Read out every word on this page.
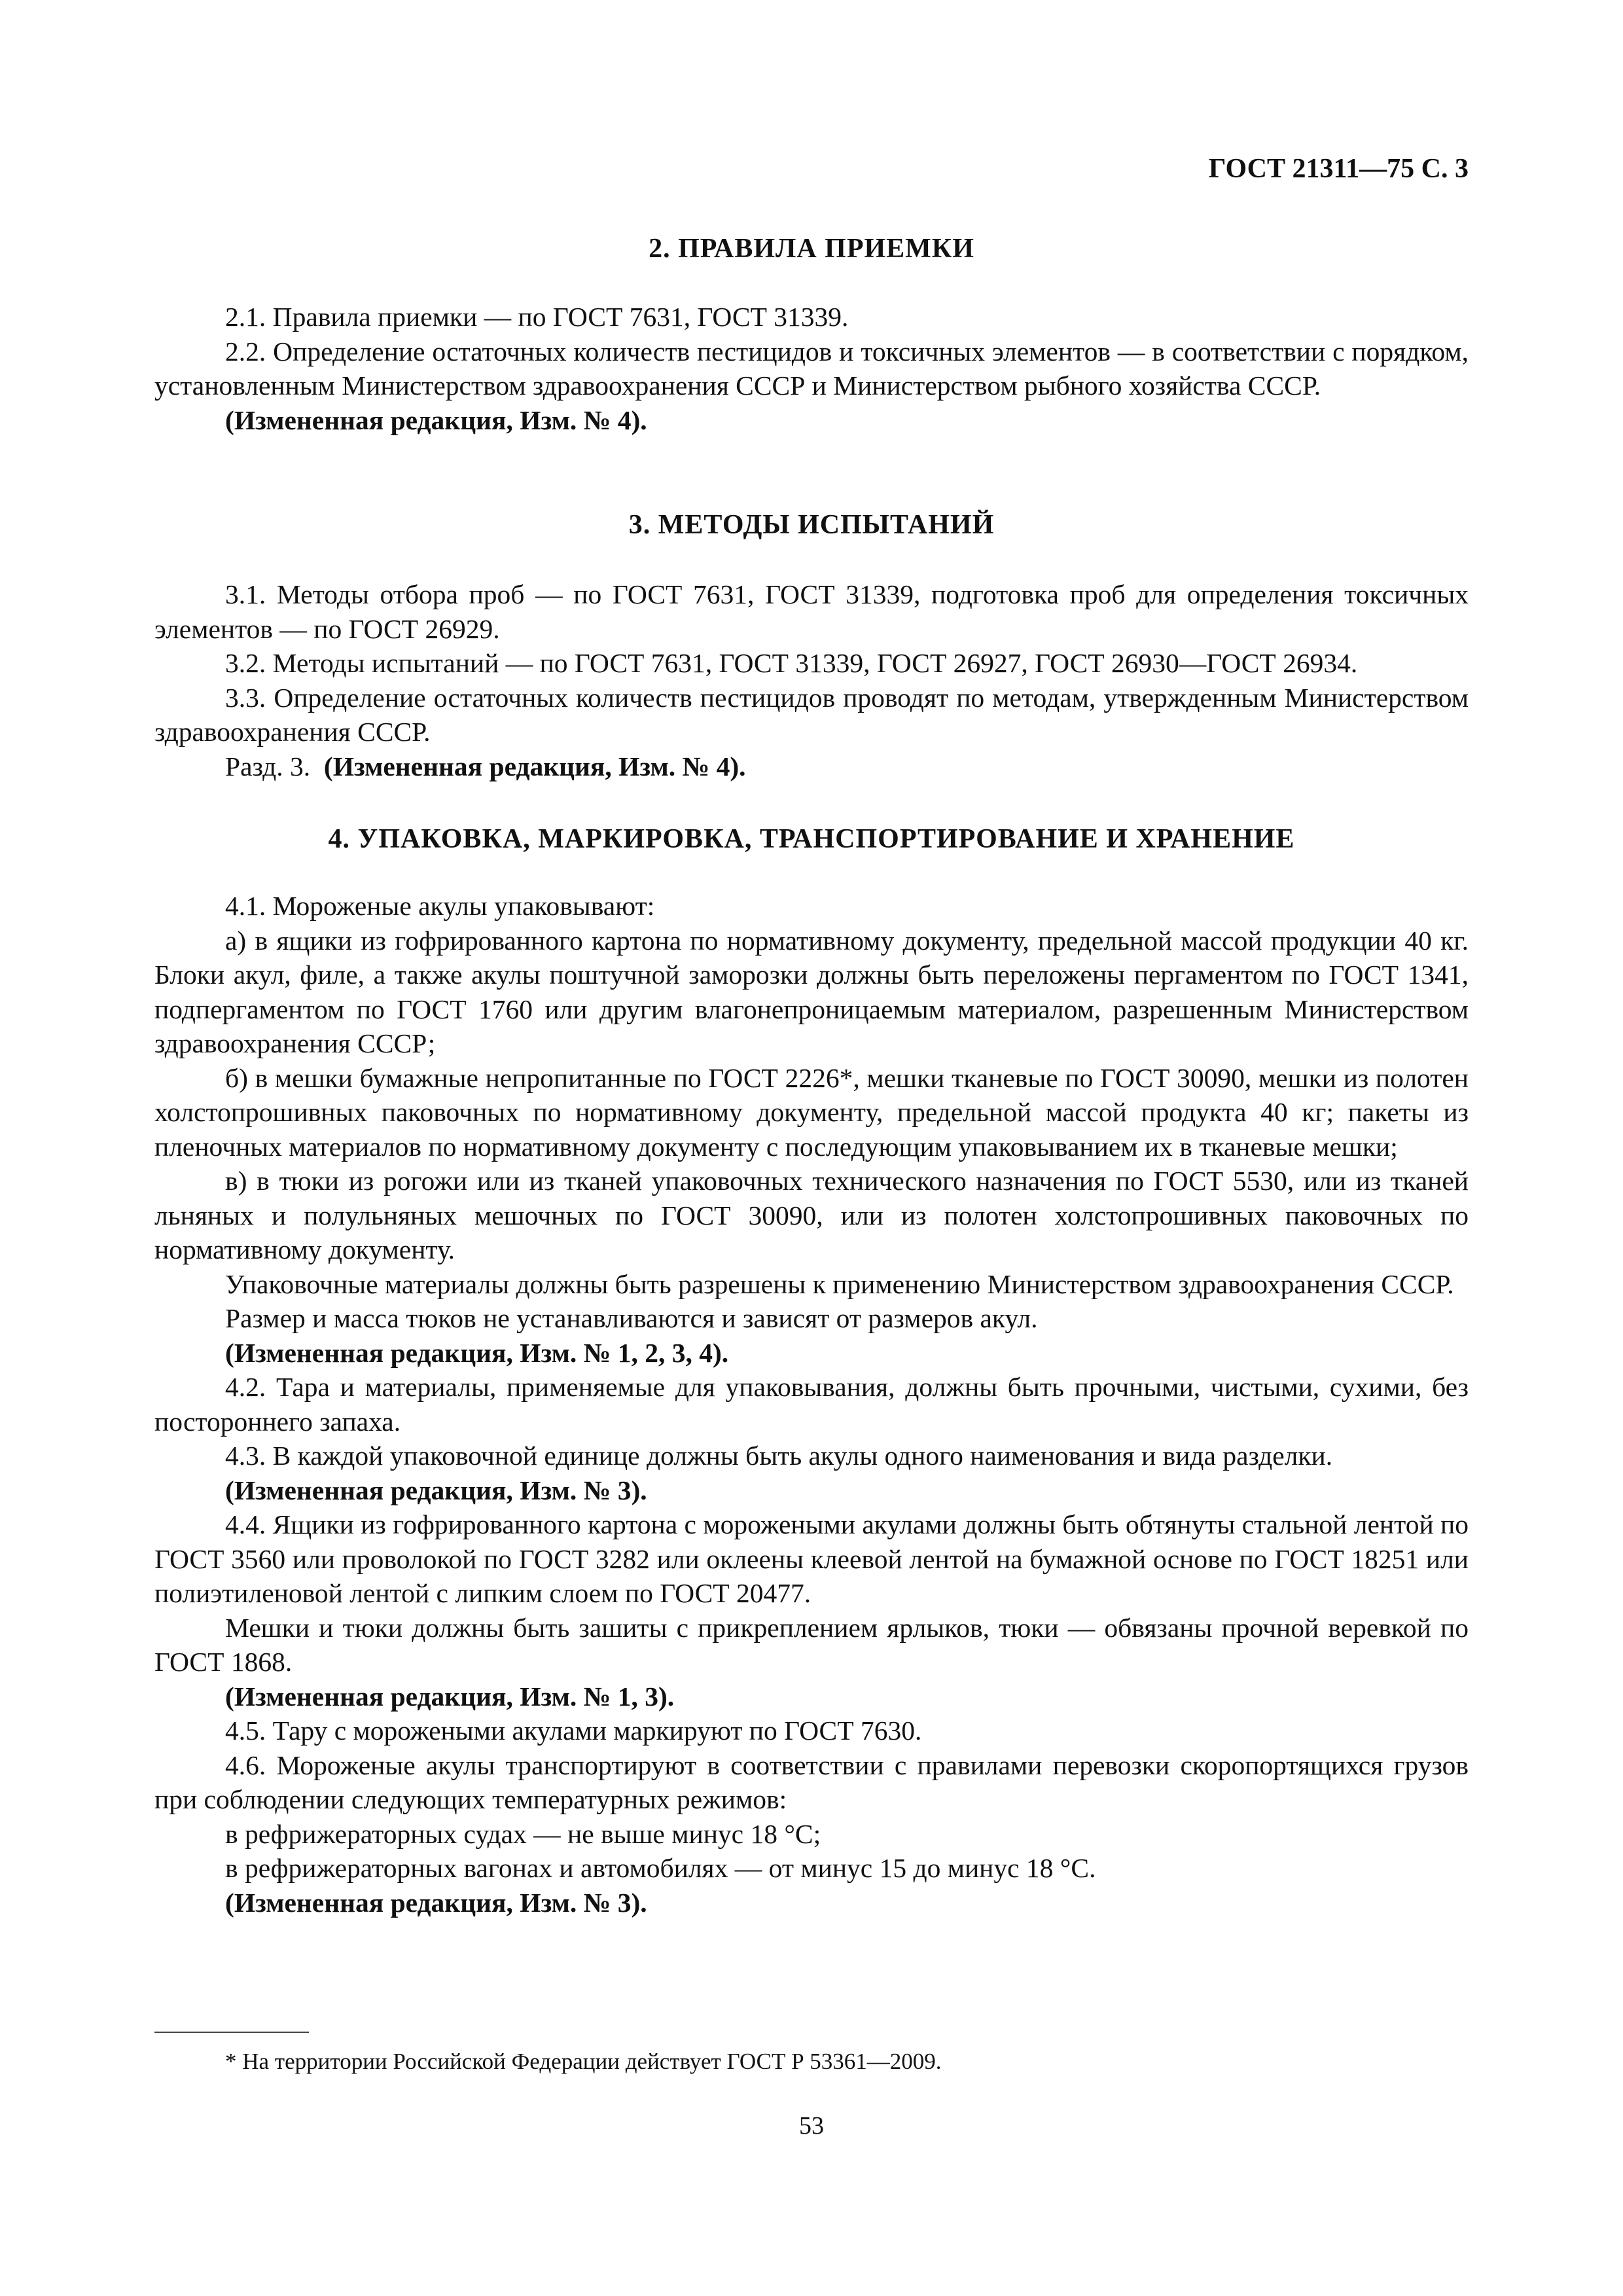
ГОСТ 21311—75 С. 3
2. ПРАВИЛА ПРИЕМКИ

2.1. Правила приемки — по ГОСТ 7631, ГОСТ 31339.

2.2. Определение остаточных количеств пестицидов и токсичных элементов — в соответствии с порядком, установленным Министерством здравоохранения СССР и Министерством рыбного хозяйства СССР.

(Измененная редакция, Изм. № 4).

3. МЕТОДЫ ИСПЫТАНИЙ

3.1. Методы отбора проб — по ГОСТ 7631, ГОСТ 31339, подготовка проб для определения токсичных элементов — по ГОСТ 26929.

3.2. Методы испытаний — по ГОСТ 7631, ГОСТ 31339, ГОСТ 26927, ГОСТ 26930—ГОСТ 26934.

3.3. Определение остаточных количеств пестицидов проводят по методам, утвержденным Министерством здравоохранения СССР.

Разд. 3. (Измененная редакция, Изм. № 4).

4. УПАКОВКА, МАРКИРОВКА, ТРАНСПОРТИРОВАНИЕ И ХРАНЕНИЕ

4.1. Мороженые акулы упаковывают:

а) в ящики из гофрированного картона по нормативному документу, предельной массой продукции 40 кг. Блоки акул, филе, а также акулы поштучной заморозки должны быть переложены пергаментом по ГОСТ 1341, подпергаментом по ГОСТ 1760 или другим влагонепроницаемым материалом, разрешенным Министерством здравоохранения СССР;

б) в мешки бумажные непропитанные по ГОСТ 2226*, мешки тканевые по ГОСТ 30090, мешки из полотен холстопрошивных паковочных по нормативному документу, предельной массой продукта 40 кг; пакеты из пленочных материалов по нормативному документу с последующим упаковыванием их в тканевые мешки;

в) в тюки из рогожи или из тканей упаковочных технического назначения по ГОСТ 5530, или из тканей льняных и полульняных мешочных по ГОСТ 30090, или из полотен холстопрошивных паковочных по нормативному документу.

Упаковочные материалы должны быть разрешены к применению Министерством здравоохранения СССР.

Размер и масса тюков не устанавливаются и зависят от размеров акул.

(Измененная редакция, Изм. № 1, 2, 3, 4).

4.2. Тара и материалы, применяемые для упаковывания, должны быть прочными, чистыми, сухими, без постороннего запаха.

4.3. В каждой упаковочной единице должны быть акулы одного наименования и вида разделки.

(Измененная редакция, Изм. № 3).

4.4. Ящики из гофрированного картона с морожеными акулами должны быть обтянуты стальной лентой по ГОСТ 3560 или проволокой по ГОСТ 3282 или оклеены клеевой лентой на бумажной основе по ГОСТ 18251 или полиэтиленовой лентой с липким слоем по ГОСТ 20477.

Мешки и тюки должны быть зашиты с прикреплением ярлыков, тюки — обвязаны прочной веревкой по ГОСТ 1868.

(Измененная редакция, Изм. № 1, 3).

4.5. Тару с морожеными акулами маркируют по ГОСТ 7630.

4.6. Мороженые акулы транспортируют в соответствии с правилами перевозки скоропортящихся грузов при соблюдении следующих температурных режимов:

в рефрижераторных судах — не выше минус 18 °С;

в рефрижераторных вагонах и автомобилях — от минус 15 до минус 18 °С.

(Измененная редакция, Изм. № 3).

* На территории Российской Федерации действует ГОСТ Р 53361—2009.
53
